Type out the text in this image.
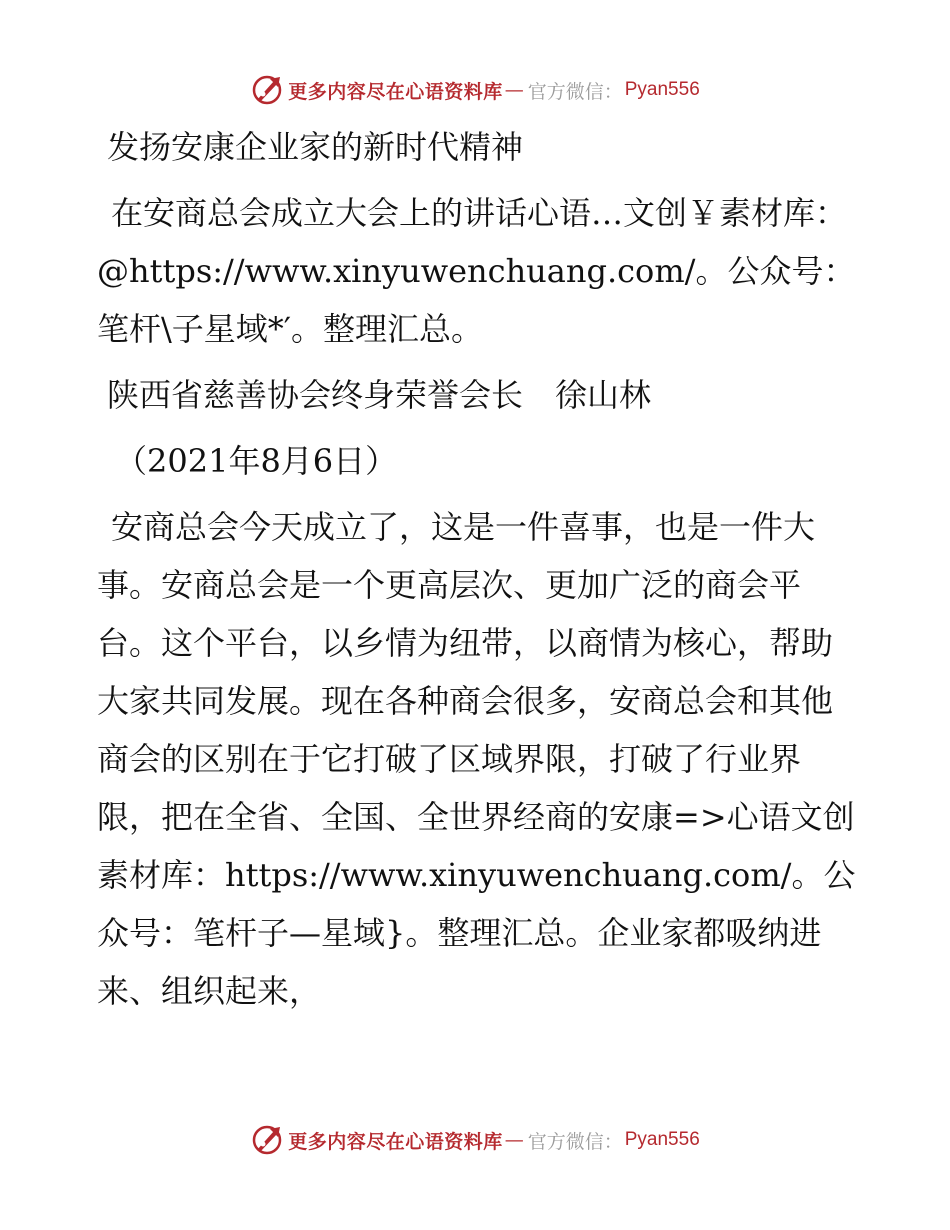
更多内容尽在心语资料库 — 官方微信： Pyan556

发扬安康企业家的新时代精神

在安商总会成立大会上的讲话心语…文创￥素材库：@https://www.xinyuwenchuang.com/。公众号：笔杆\子星域*′。整理汇总。

陕西省慈善协会终身荣誉会长　徐山林

（2021年8月6日）

安商总会今天成立了，这是一件喜事，也是一件大事。安商总会是一个更高层次、更加广泛的商会平台。这个平台，以乡情为纽带，以商情为核心，帮助大家共同发展。现在各种商会很多，安商总会和其他商会的区别在于它打破了区域界限，打破了行业界限，把在全省、全国、全世界经商的安康=>心语文创素材库：https://www.xinyuwenchuang.com/。公众号：笔杆子—星域}。整理汇总。企业家都吸纳进来、组织起来，

更多内容尽在心语资料库 — 官方微信： Pyan556
